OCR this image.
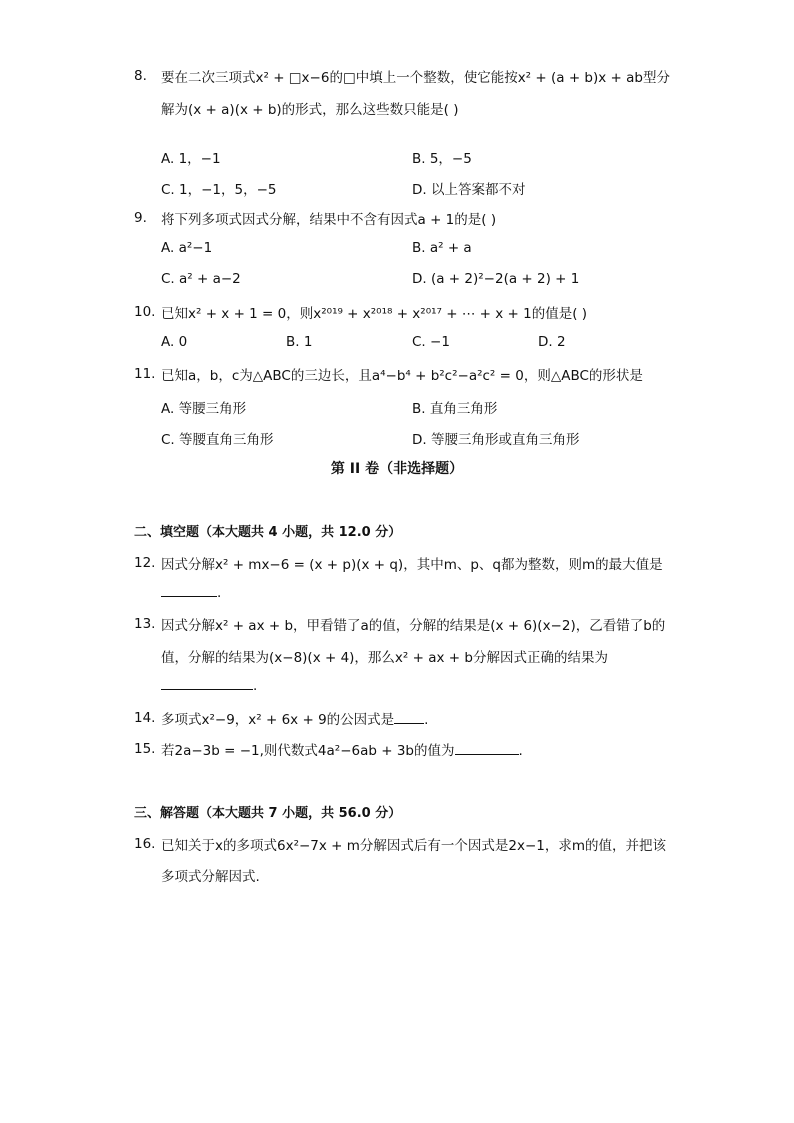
8.	要在二次三项式x² + □x−6的□中填上一个整数，使它能按x² + (a + b)x + ab型分
解为(x + a)(x + b)的形式，那么这些数只能是( )
A. 1，−1	B. 5，−5
C. 1，−1，5，−5	D. 以上答案都不对
9.	将下列多项式因式分解，结果中不含有因式a + 1的是( )
A. a²−1	B. a² + a
C. a² + a−2	D. (a + 2)²−2(a + 2) + 1
10. 已知x² + x + 1 = 0，则x²⁰¹⁹ + x²⁰¹⁸ + x²⁰¹⁷ + ⋯ + x + 1的值是( )
A. 0	B. 1	C. −1	D. 2
11. 已知a，b，c为△ABC的三边长，且a⁴−b⁴ + b²c²−a²c² = 0，则△ABC的形状是
A. 等腰三角形	B. 直角三角形
C. 等腰直角三角形	D. 等腰三角形或直角三角形
第 II 卷（非选择题）
二、填空题（本大题共 4 小题，共 12.0 分）
12. 因式分解x² + mx−6 = (x + p)(x + q)，其中m、p、q都为整数，则m的最大值是
.
13. 因式分解x² + ax + b，甲看错了a的值，分解的结果是(x + 6)(x−2)，乙看错了b的
值，分解的结果为(x−8)(x + 4)，那么x² + ax + b分解因式正确的结果为
.
14. 多项式x²−9，x² + 6x + 9的公因式是 .
15. 若2a−3b = −1,则代数式4a²−6ab + 3b的值为	.
三、解答题（本大题共 7 小题，共 56.0 分）
16. 已知关于x的多项式6x²−7x + m分解因式后有一个因式是2x−1，求m的值，并把该
多项式分解因式.
